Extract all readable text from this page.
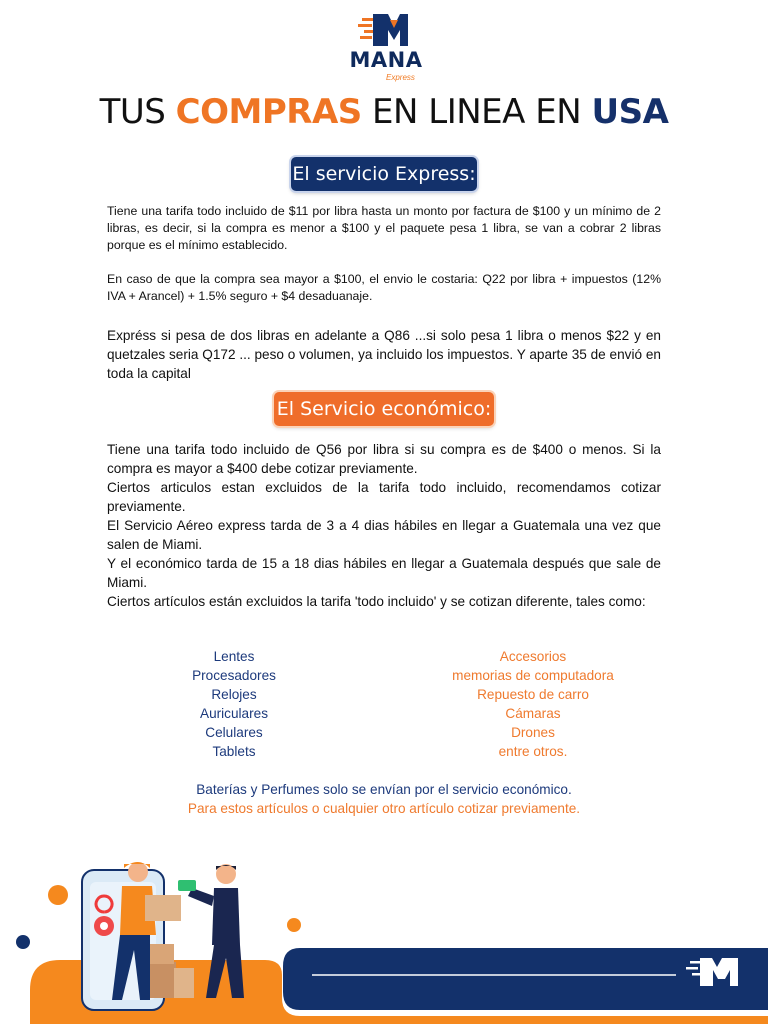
MANA
Express
TUS COMPRAS EN LINEA EN USA
El servicio Express:
Tiene una tarifa todo incluido de $11 por libra hasta un monto por factura de $100 y un mínimo de 2 libras, es decir, si la compra es menor a $100 y el paquete pesa 1 libra, se van a cobrar 2 libras porque es el mínimo establecido.
En caso de que la compra sea mayor a $100, el envio le costaria: Q22 por libra + impuestos (12% IVA + Arancel) + 1.5% seguro + $4 desaduanaje.
Expréss si pesa de dos libras en adelante a Q86 ...si solo pesa 1 libra o menos $22 y en quetzales seria Q172 ... peso o volumen, ya incluido los impuestos. Y aparte 35 de envió en toda la capital
El Servicio económico:
Tiene una tarifa todo incluido de Q56 por libra si su compra es de $400 o menos. Si la compra es mayor a $400 debe cotizar previamente.
Ciertos articulos estan excluidos de la tarifa todo incluido, recomendamos cotizar previamente.
El Servicio Aéreo express tarda de 3 a 4 dias hábiles en llegar a Guatemala una vez que salen de Miami.
Y el económico tarda de 15 a 18 dias hábiles en llegar a Guatemala después que sale de Miami.
Ciertos artículos están excluidos la tarifa 'todo incluido' y se cotizan diferente, tales como:
Lentes
Procesadores
Relojes
Auriculares
Celulares
Tablets
Accesorios
memorias de computadora
Repuesto de carro
Cámaras
Drones
entre otros.
Baterías y Perfumes solo se envían por el servicio económico.
Para estos artículos o cualquier otro artículo cotizar previamente.
